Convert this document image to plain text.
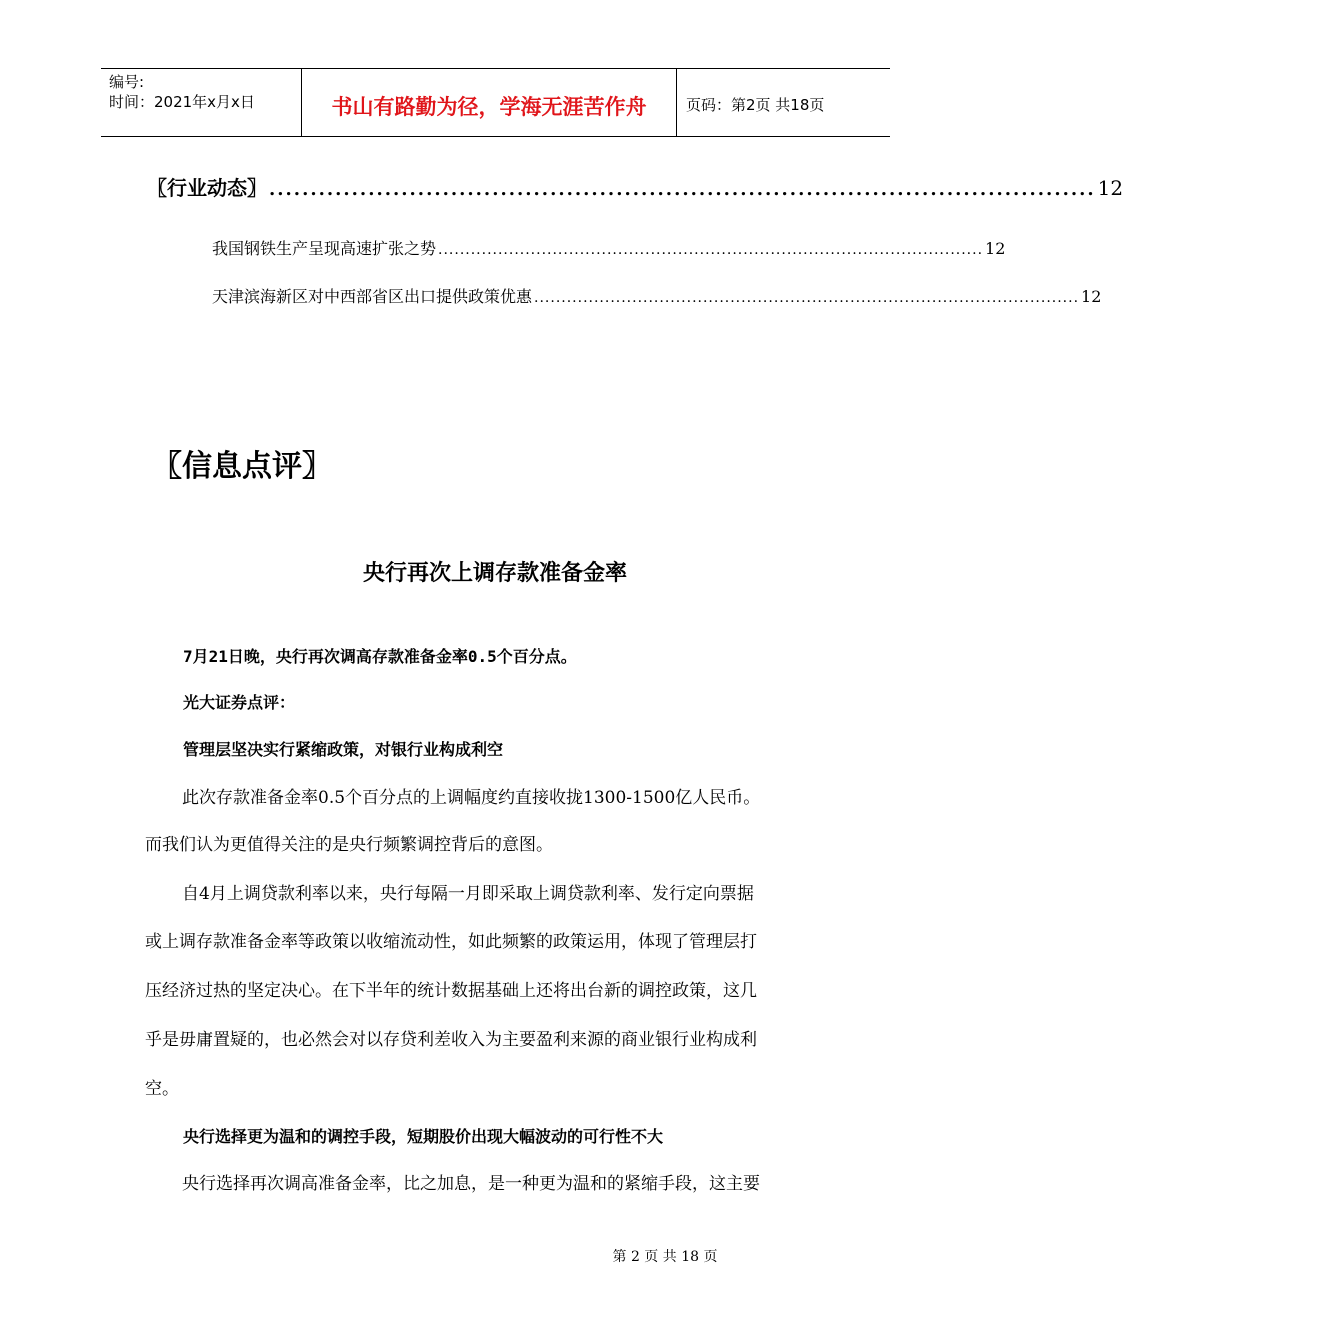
编号:
时间：2021年x月x日	书山有路勤为径，学海无涯苦作舟	页码：第2页 共18页
〖行业动态〗 .................................................................................................... 12
我国钢铁生产呈现高速扩张之势 .................................................................................................... 12
天津滨海新区对中西部省区出口提供政策优惠 .................................................................................................... 12
〖信息点评〗
央行再次上调存款准备金率
7月21日晚，央行再次调高存款准备金率0.5个百分点。
光大证券点评：
管理层坚决实行紧缩政策，对银行业构成利空
此次存款准备金率0.5个百分点的上调幅度约直接收拢1300-1500亿人民币。
而我们认为更值得关注的是央行频繁调控背后的意图。
自4月上调贷款利率以来，央行每隔一月即采取上调贷款利率、发行定向票据
或上调存款准备金率等政策以收缩流动性，如此频繁的政策运用，体现了管理层打
压经济过热的坚定决心。在下半年的统计数据基础上还将出台新的调控政策，这几
乎是毋庸置疑的，也必然会对以存贷利差收入为主要盈利来源的商业银行业构成利
空。
央行选择更为温和的调控手段，短期股价出现大幅波动的可行性不大
央行选择再次调高准备金率，比之加息，是一种更为温和的紧缩手段，这主要
第 2 页 共 18 页
